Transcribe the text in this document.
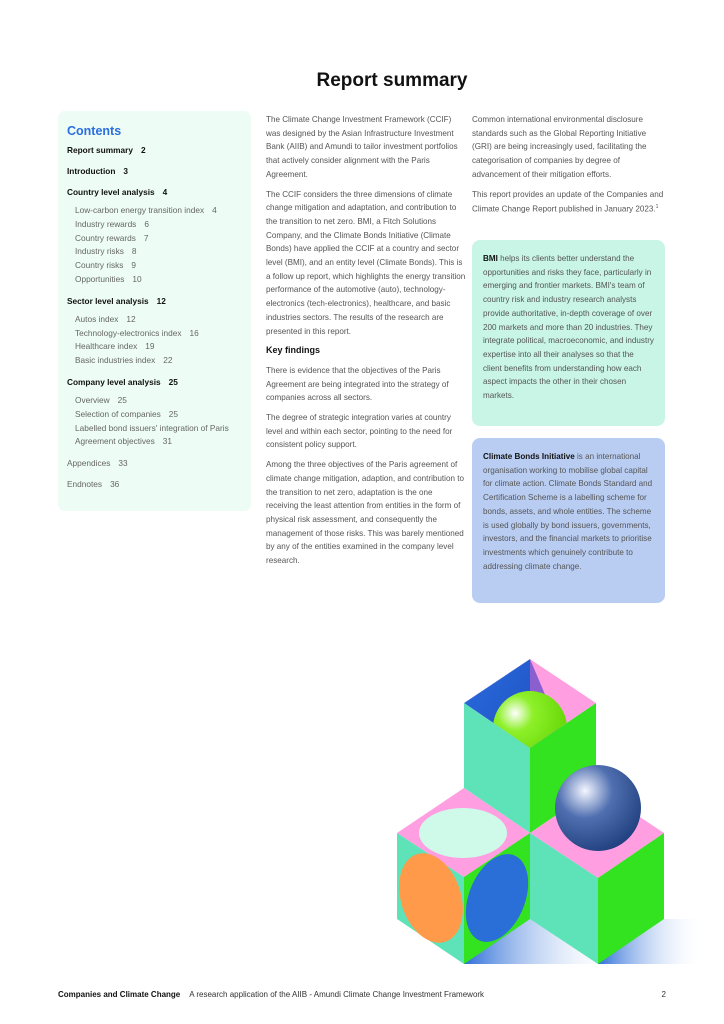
Report summary
Contents
Report summary 2
Introduction 3
Country level analysis 4
Low-carbon energy transition index 4
Industry rewards 6
Country rewards 7
Industry risks 8
Country risks 9
Opportunities 10
Sector level analysis 12
Autos index 12
Technology-electronics index 16
Healthcare index 19
Basic industries index 22
Company level analysis 25
Overview 25
Selection of companies 25
Labelled bond issuers' integration of Paris
Agreement objectives 31
Appendices 33
Endnotes 36

The Climate Change Investment Framework (CCIF) was designed by the Asian Infrastructure Investment Bank (AIIB) and Amundi to tailor investment portfolios that actively consider alignment with the Paris Agreement.

The CCIF considers the three dimensions of climate change mitigation and adaptation, and contribution to the transition to net zero. BMI, a Fitch Solutions Company, and the Climate Bonds Initiative (Climate Bonds) have applied the CCIF at a country and sector level (BMI), and an entity level (Climate Bonds). This is a follow up report, which highlights the energy transition performance of the automotive (auto), technology-electronics (tech-electronics), healthcare, and basic industries sectors. The results of the research are presented in this report.

Key findings

There is evidence that the objectives of the Paris Agreement are being integrated into the strategy of companies across all sectors.

The degree of strategic integration varies at country level and within each sector, pointing to the need for consistent policy support.

Among the three objectives of the Paris agreement of climate change mitigation, adaption, and contribution to the transition to net zero, adaptation is the one receiving the least attention from entities in the form of physical risk assessment, and consequently the management of those risks. This was barely mentioned by any of the entities examined in the company level research.

Common international environmental disclosure standards such as the Global Reporting Initiative (GRI) are being increasingly used, facilitating the categorisation of companies by degree of advancement of their mitigation efforts.

This report provides an update of the Companies and Climate Change Report published in January 2023.$^1$

BMI helps its clients better understand the opportunities and risks they face, particularly in emerging and frontier markets. BMI's team of country risk and industry research analysts provide authoritative, in-depth coverage of over 200 markets and more than 20 industries. They integrate political, macroeconomic, and industry expertise into all their analyses so that the client benefits from understanding how each aspect impacts the other in their chosen markets.
Climate Bonds Initiative is an international organisation working to mobilise global capital for climate action. Climate Bonds Standard and Certification Scheme is a labelling scheme for bonds, assets, and whole entities. The scheme is used globally by bond issuers, governments, investors, and the financial markets to prioritise investments which genuinely contribute to addressing climate change.
Companies and Climate Change A research application of the AIIB - Amundi Climate Change Investment Framework	2
